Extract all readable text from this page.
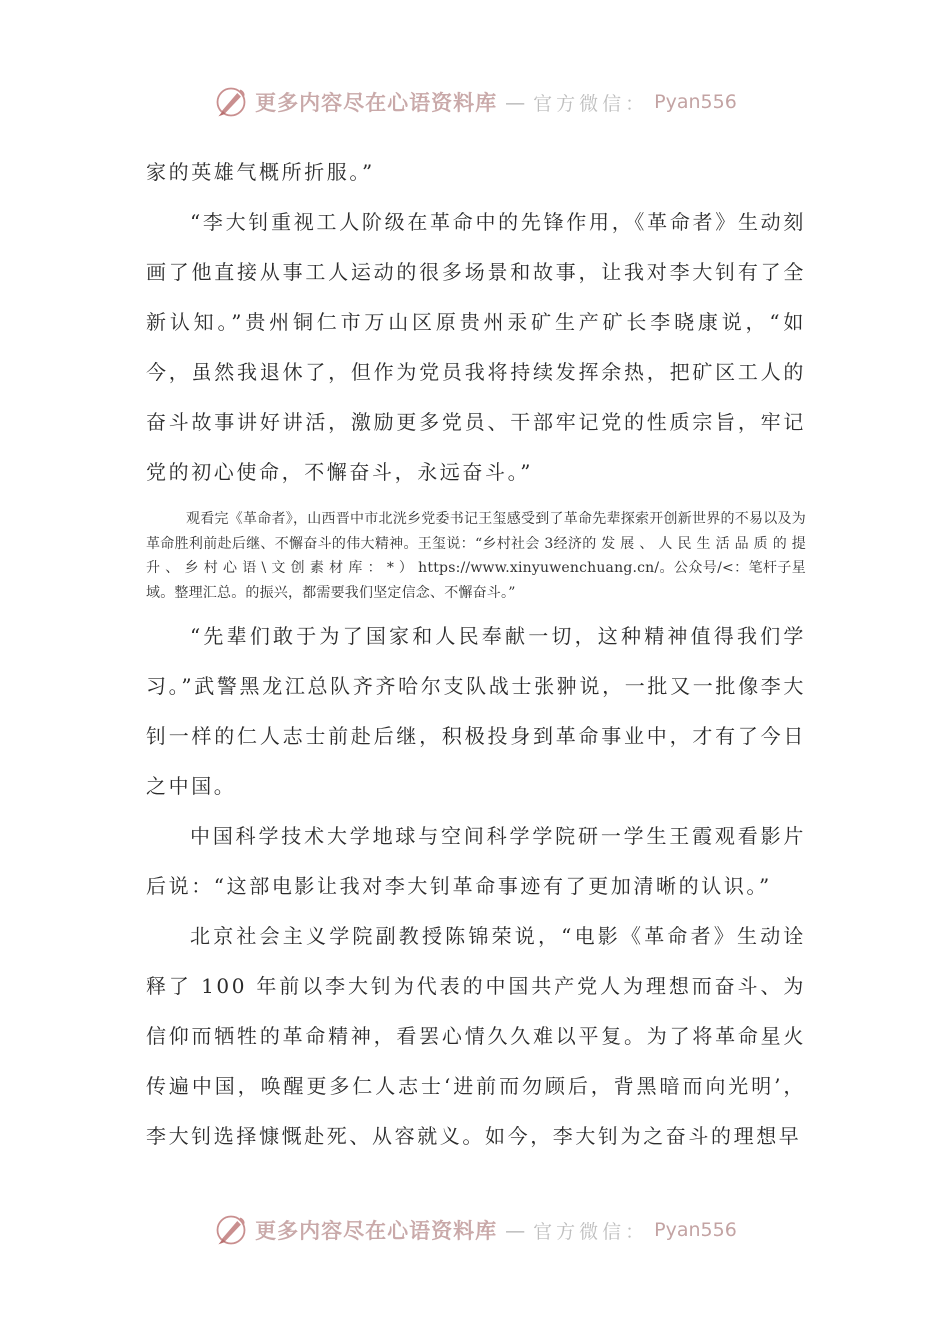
更多内容尽在心语资料库 — 官方微信： Pyan556

家的英雄气概所折服。”

“李大钊重视工人阶级在革命中的先锋作用，《革命者》生动刻画了他直接从事工人运动的很多场景和故事，让我对李大钊有了全新认知。”贵州铜仁市万山区原贵州汞矿生产矿长李晓康说，“如今，虽然我退休了，但作为党员我将持续发挥余热，把矿区工人的奋斗故事讲好讲活，激励更多党员、干部牢记党的性质宗旨，牢记党的初心使命，不懈奋斗，永远奋斗。”

观看完《革命者》，山西晋中市北洸乡党委书记王玺感受到了革命先辈探索开创新世界的不易以及为革命胜利前赴后继、不懈奋斗的伟大精神。王玺说：“乡村社会 3经济的 发 展 、 人 民 生 活 品 质 的 提 升 、 乡 村 心 语 \ 文 创 素 材 库 ： * ） https://www.xinyuwenchuang.cn/。公众号/<：笔杆子星域。整理汇总。的振兴，都需要我们坚定信念、不懈奋斗。”

“先辈们敢于为了国家和人民奉献一切，这种精神值得我们学习。”武警黑龙江总队齐齐哈尔支队战士张翀说，一批又一批像李大钊一样的仁人志士前赴后继，积极投身到革命事业中，才有了今日之中国。

中国科学技术大学地球与空间科学学院研一学生王霞观看影片后说：“这部电影让我对李大钊革命事迹有了更加清晰的认识。”

北京社会主义学院副教授陈锦荣说，“电影《革命者》生动诠释了 100 年前以李大钊为代表的中国共产党人为理想而奋斗、为信仰而牺牲的革命精神，看罢心情久久难以平复。为了将革命星火传遍中国，唤醒更多仁人志士‘进前而勿顾后，背黑暗而向光明’，李大钊选择慷慨赴死、从容就义。如今，李大钊为之奋斗的理想早

更多内容尽在心语资料库 — 官方微信： Pyan556
